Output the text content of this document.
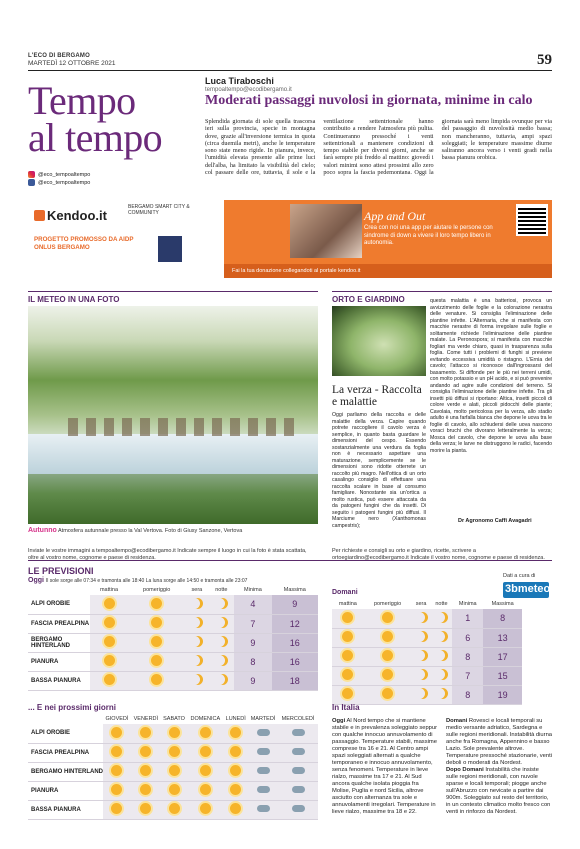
L'ECO DI BERGAMO
MARTEDÌ 12 OTTOBRE 2021	59
Tempo
al tempo
@eco_tempoaltempo
@eco_tempoaltempo
Luca Tiraboschi
tempoaltempo@ecodibergamo.it
Moderati passaggi nuvolosi in giornata, minime in calo
Splendida giornata di sole quella trascorsa ieri sulla provincia, specie in montagna dove, grazie all'inversione termica in quota (circa duemila metri), anche le temperature sono state meno rigide. In pianura, invece, l'umidità elevata presente alle prime luci dell'alba, ha limitato la visibilità del cielo; col passare delle ore, tuttavia, il sole e la ventilazione settentrionale hanno contribuito a rendere l'atmosfera più pulita. Continueranno pressoché i venti settentrionali a mantenere condizioni di tempo stabile per diversi giorni, anche se farà sempre più freddo al mattino: giovedì i valori minimi sono attesi prossimi allo zero poco sopra la fascia pedemontana. Oggi la giornata sarà meno limpida ovunque per via del passaggio di nuvolosità medio bassa; non mancheranno, tuttavia, ampi spazi soleggiati; le temperature massime diurne saliranno ancora verso i venti gradi nella bassa pianura orobica.
Kendoo.it
BERGAMO SMART CITY & COMMUNITY
PROGETTO PROMOSSO DA AIDP ONLUS BERGAMO
App and Out
Crea con noi una app per aiutare le persone con sindrome di down a vivere il loro tempo libero in autonomia.
Fai la tua donazione collegandoti al portale kendoo.it
IL METEO IN UNA FOTO	ORTO E GIARDINO
Autunno Atmosfera autunnale presso la Val Vertova. Foto di Giusy Sanzone, Vertova
Inviate le vostre immagini a tempoaltempo@ecodibergamo.it Indicate sempre il luogo in cui la foto è stata scattata, oltre al vostro nome, cognome e paese di residenza.
La verza - Raccolta e malattie
Oggi parliamo della raccolta e delle malattie della verza. Capire quando potrete raccogliere il cavolo verza è semplice, in quanto basta guardare le dimensioni del cespo. Essendo sostanzialmente una verdura da foglia non è necessario aspettare una maturazione, semplicemente se le dimensioni sono ridotte otterrete un raccolto più magro. Nell'ottica di un orto casalingo consiglio di effettuare una raccolta scalare in base al consumo famigliare. Nonostante sia un'ortica a molto rustica, può essere attaccata da da patogeni fungini che da insetti. Di seguito i patogeni fungini più diffusi. Il Marciume nero (Xanthomonas campestris);
questa malattia è una batteriosi, provoca un avvizzimento delle foglie e la colorazione nerastra delle venature. Si consiglia l'eliminazione delle piantine infette. L'Alternaria, che si manifesta con macchie nerastre di forma irregolare sulle foglie e solitamente richiede l'eliminazione delle piantine malate. La Peronospora; si manifesta con macchie fogliari ma verde chiaro, quasi in trasparenza sulla foglia. Come tutti i problemi di funghi si previene evitando eccessiva umidità o ristagno. L'Ernia del cavolo; l'attacco si riconosce dall'ingrossarsi del basamento. Si diffonde per le più nei terreni umidi, con molto potassio e un pH acido, e si può prevenire andando ad agire sulle condizioni del terreno. Si consiglia l'eliminazione delle piantine infette. Tra gli insetti più diffusi si riportano: Altica, insetti piccoli di colore verde e alati, piccoli pidocchi delle piante; Cavolaia, molto pericolosa per la verza, allo stadio adulto è una farfalla bianca che depone le uova tra le foglie di cavolo, allo schiudersi delle uova nascono voraci bruchi che divorano letteralmente la verza; Mosca del cavolo, che depone le uova alla base della verza; le larve ne distruggono le radici, facendo morire la pianta.
Dr Agronomo Caffi Avagadri
Per richieste e consigli su orto e giardino, ricette, scrivere a ortoegiardino@ecodibergamo.it Indicate il vostro nome, cognome e paese di residenza.
LE PREVISIONI	Dati a cura di
3bmeteo
Oggi Il sole sorge alle 07:34 e tramonta alle 18:40 La luna sorge alle 14:50 e tramonta alle 23:07
Domani
	mattina	pomeriggio	sera	notte	Minima	Massima
ALPI OROBIE					4	9
FASCIA PREALPINA					7	12
BERGAMO HINTERLAND					9	16
PIANURA					8	16
BASSA PIANURA					9	18
mattina	pomeriggio	sera	notte	Minima	Massima
				1	8
				6	13
				8	17
				7	15
				8	19
... E nei prossimi giorni
	GIOVEDÌ	VENERDÌ	SABATO	DOMENICA	LUNEDÌ	MARTEDÌ	MERCOLEDÌ
ALPI OROBIE							
FASCIA PREALPINA							
BERGAMO HINTERLAND							
PIANURA							
BASSA PIANURA							
In Italia

Oggi Al Nord tempo che si mantiene stabile e in prevalenza soleggiato seppur con qualche innocuo annuvolamento di passaggio. Temperature stabili, massime comprese tra 16 e 21. Al Centro ampi spazi soleggiati alternati a qualche temporaneo e innocuo annuvolamento, senza fenomeni. Temperature in lieve rialzo, massime tra 17 e 21. Al Sud ancora qualche isolata pioggia fra Molise, Puglia e nord Sicilia, altrove asciutto con alternanza tra sole e annuvolamenti irregolari. Temperature in lieve rialzo, massime tra 18 e 22.

Domani Rovesci e locali temporali su medio versante adriatico, Sardegna e sulle regioni meridionali. Instabilità diurna anche fra Romagna, Appennino e basso Lazio. Sole prevalente altrove. Temperature pressoché stazionarie, venti deboli o moderati da Nordest.

Dopo Domani Instabilità che insiste sulle regioni meridionali, con nuvole sparse e locali temporali; piogge anche sull'Abruzzo con nevicate a partire dai 900m. Soleggiato sul resto del territorio, in un contesto climatico molto fresco con venti in rinforzo da Nordest.
